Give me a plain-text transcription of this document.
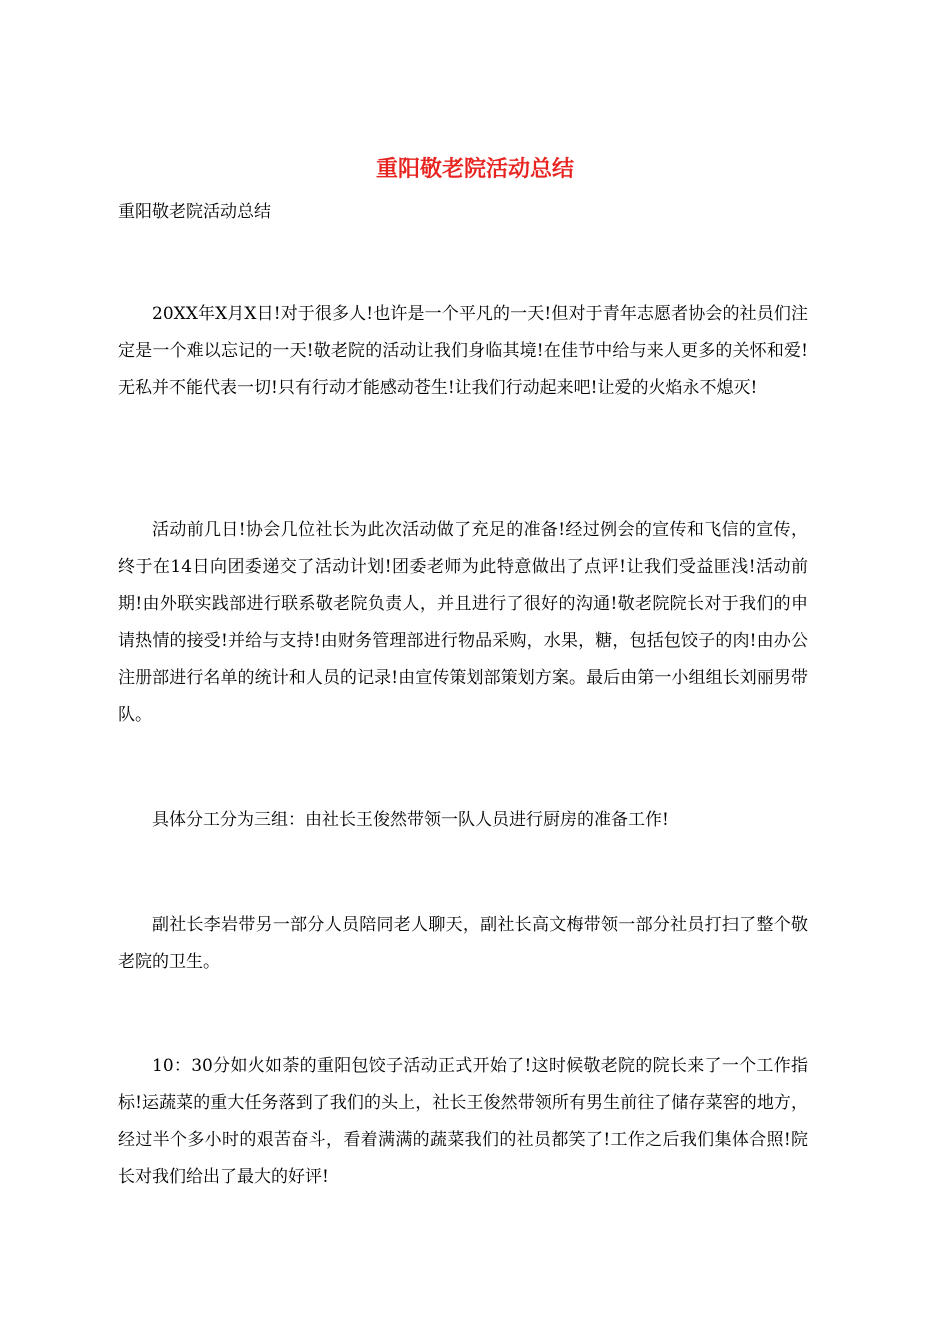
重阳敬老院活动总结

重阳敬老院活动总结

20XX年X月X日!对于很多人!也许是一个平凡的一天!但对于青年志愿者协会的社员们注定是一个难以忘记的一天!敬老院的活动让我们身临其境!在佳节中给与来人更多的关怀和爱!无私并不能代表一切!只有行动才能感动苍生!让我们行动起来吧!让爱的火焰永不熄灭!

活动前几日!协会几位社长为此次活动做了充足的准备!经过例会的宣传和飞信的宣传，终于在14日向团委递交了活动计划!团委老师为此特意做出了点评!让我们受益匪浅!活动前期!由外联实践部进行联系敬老院负责人，并且进行了很好的沟通!敬老院院长对于我们的申请热情的接受!并给与支持!由财务管理部进行物品采购，水果，糖，包括包饺子的肉!由办公注册部进行名单的统计和人员的记录!由宣传策划部策划方案。最后由第一小组组长刘丽男带队。

具体分工分为三组：由社长王俊然带领一队人员进行厨房的准备工作!

副社长李岩带另一部分人员陪同老人聊天，副社长高文梅带领一部分社员打扫了整个敬老院的卫生。

10：30分如火如荼的重阳包饺子活动正式开始了!这时候敬老院的院长来了一个工作指标!运蔬菜的重大任务落到了我们的头上，社长王俊然带领所有男生前往了储存菜窖的地方，经过半个多小时的艰苦奋斗，看着满满的蔬菜我们的社员都笑了!工作之后我们集体合照!院长对我们给出了最大的好评!
